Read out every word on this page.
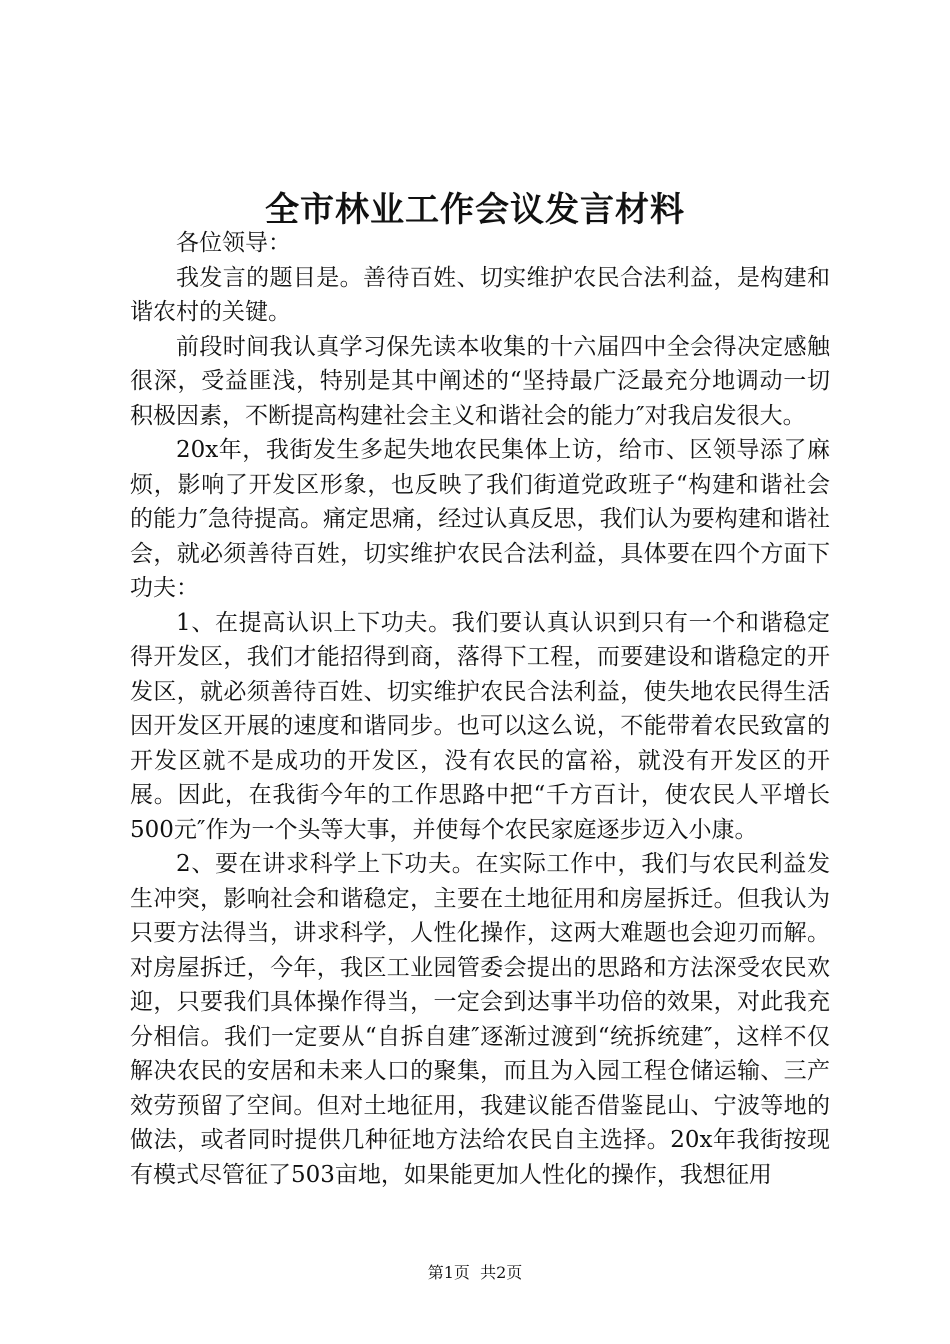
全市林业工作会议发言材料

各位领导：

我发言的题目是。善待百姓、切实维护农民合法利益，是构建和谐农村的关键。

前段时间我认真学习保先读本收集的十六届四中全会得决定感触很深，受益匪浅，特别是其中阐述的“坚持最广泛最充分地调动一切积极因素，不断提高构建社会主义和谐社会的能力″对我启发很大。

20x年，我街发生多起失地农民集体上访，给市、区领导添了麻烦，影响了开发区形象，也反映了我们街道党政班子“构建和谐社会的能力″急待提高。痛定思痛，经过认真反思，我们认为要构建和谐社会，就必须善待百姓，切实维护农民合法利益，具体要在四个方面下功夫：

1、在提高认识上下功夫。我们要认真认识到只有一个和谐稳定得开发区，我们才能招得到商，落得下工程，而要建设和谐稳定的开发区，就必须善待百姓、切实维护农民合法利益，使失地农民得生活因开发区开展的速度和谐同步。也可以这么说，不能带着农民致富的开发区就不是成功的开发区，没有农民的富裕，就没有开发区的开展。因此，在我街今年的工作思路中把“千方百计，使农民人平增长500元″作为一个头等大事，并使每个农民家庭逐步迈入小康。

2、要在讲求科学上下功夫。在实际工作中，我们与农民利益发生冲突，影响社会和谐稳定，主要在土地征用和房屋拆迁。但我认为只要方法得当，讲求科学，人性化操作，这两大难题也会迎刃而解。对房屋拆迁，今年，我区工业园管委会提出的思路和方法深受农民欢迎，只要我们具体操作得当，一定会到达事半功倍的效果，对此我充分相信。我们一定要从“自拆自建″逐渐过渡到“统拆统建″，这样不仅解决农民的安居和未来人口的聚集，而且为入园工程仓储运输、三产效劳预留了空间。但对土地征用，我建议能否借鉴昆山、宁波等地的做法，或者同时提供几种征地方法给农民自主选择。20x年我街按现有模式尽管征了503亩地，如果能更加人性化的操作，我想征用

第1页 共2页
